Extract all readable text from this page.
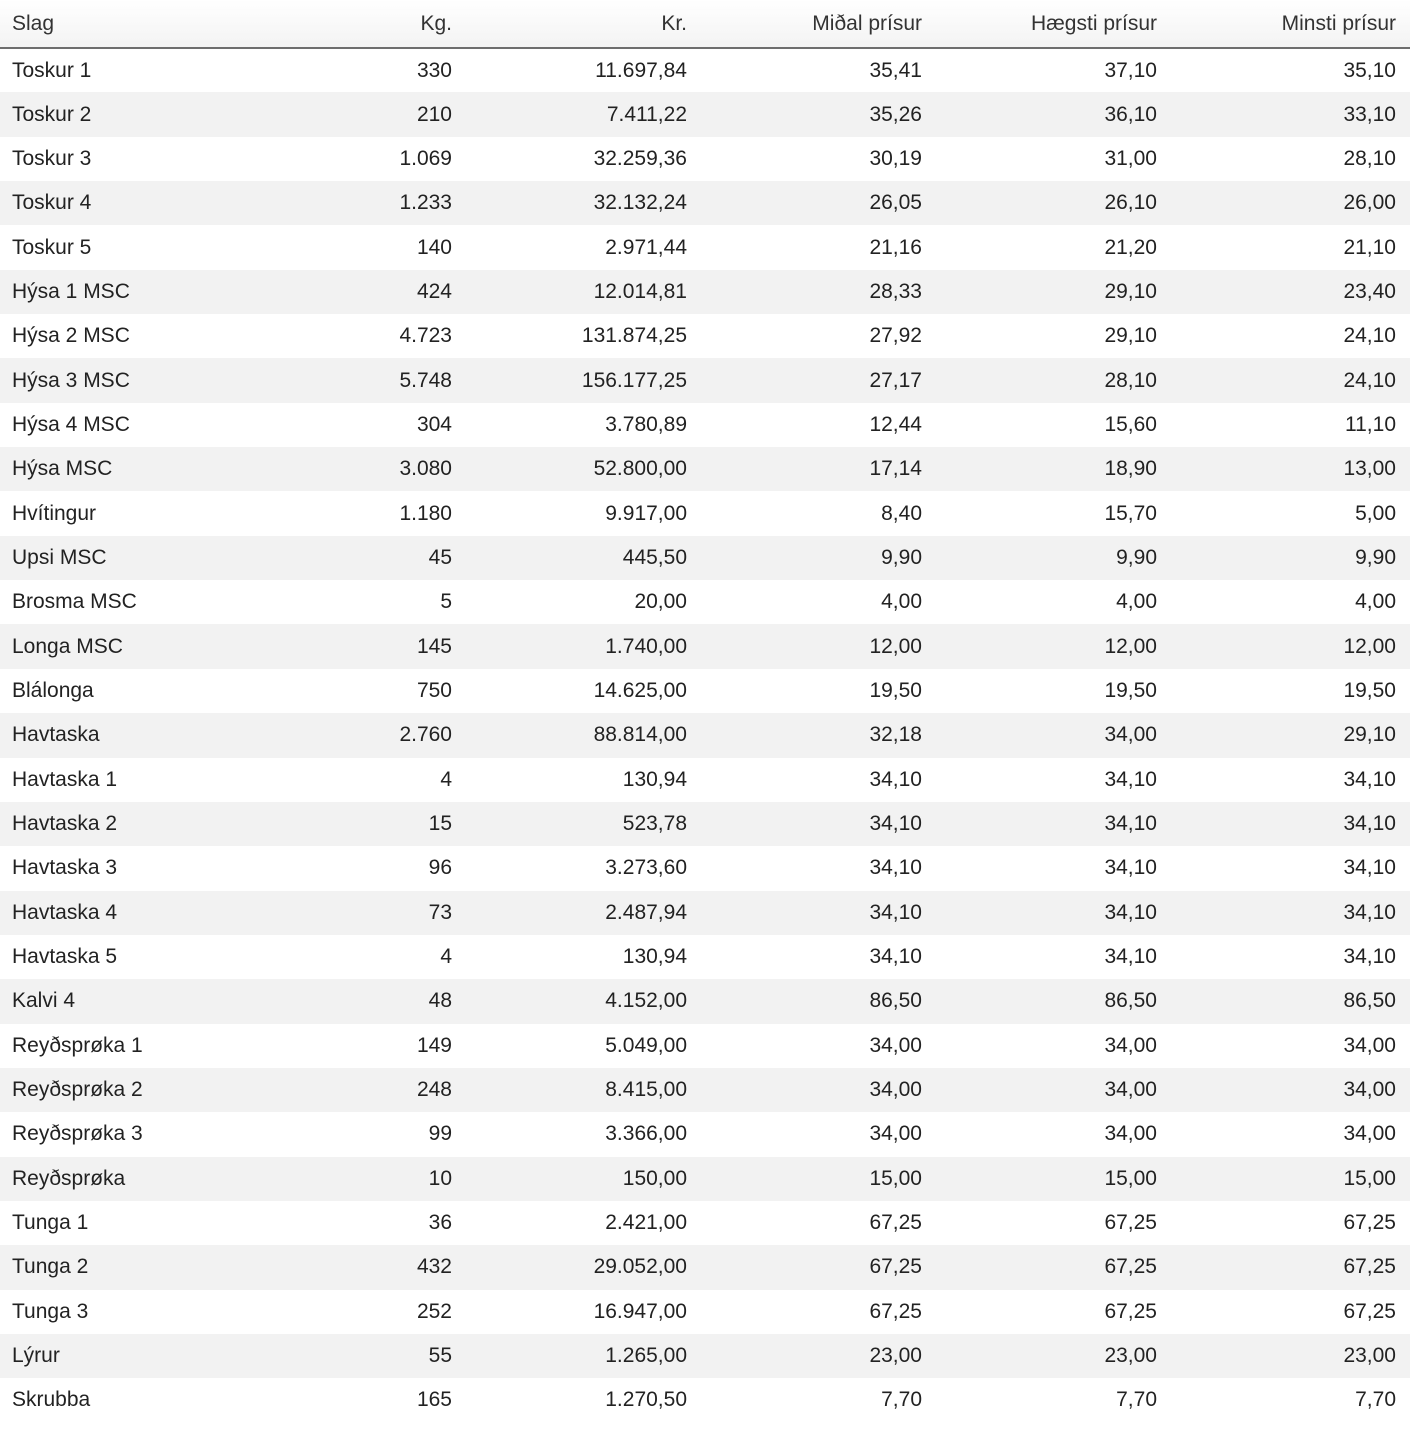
Slag	Kg.	Kr.	Miðal prísur	Hægsti prísur	Minsti prísur
Toskur 1	330	11.697,84	35,41	37,10	35,10
Toskur 2	210	7.411,22	35,26	36,10	33,10
Toskur 3	1.069	32.259,36	30,19	31,00	28,10
Toskur 4	1.233	32.132,24	26,05	26,10	26,00
Toskur 5	140	2.971,44	21,16	21,20	21,10
Hýsa 1 MSC	424	12.014,81	28,33	29,10	23,40
Hýsa 2 MSC	4.723	131.874,25	27,92	29,10	24,10
Hýsa 3 MSC	5.748	156.177,25	27,17	28,10	24,10
Hýsa 4 MSC	304	3.780,89	12,44	15,60	11,10
Hýsa MSC	3.080	52.800,00	17,14	18,90	13,00
Hvítingur	1.180	9.917,00	8,40	15,70	5,00
Upsi MSC	45	445,50	9,90	9,90	9,90
Brosma MSC	5	20,00	4,00	4,00	4,00
Longa MSC	145	1.740,00	12,00	12,00	12,00
Blálonga	750	14.625,00	19,50	19,50	19,50
Havtaska	2.760	88.814,00	32,18	34,00	29,10
Havtaska 1	4	130,94	34,10	34,10	34,10
Havtaska 2	15	523,78	34,10	34,10	34,10
Havtaska 3	96	3.273,60	34,10	34,10	34,10
Havtaska 4	73	2.487,94	34,10	34,10	34,10
Havtaska 5	4	130,94	34,10	34,10	34,10
Kalvi 4	48	4.152,00	86,50	86,50	86,50
Reyðsprøka 1	149	5.049,00	34,00	34,00	34,00
Reyðsprøka 2	248	8.415,00	34,00	34,00	34,00
Reyðsprøka 3	99	3.366,00	34,00	34,00	34,00
Reyðsprøka	10	150,00	15,00	15,00	15,00
Tunga 1	36	2.421,00	67,25	67,25	67,25
Tunga 2	432	29.052,00	67,25	67,25	67,25
Tunga 3	252	16.947,00	67,25	67,25	67,25
Lýrur	55	1.265,00	23,00	23,00	23,00
Skrubba	165	1.270,50	7,70	7,70	7,70
